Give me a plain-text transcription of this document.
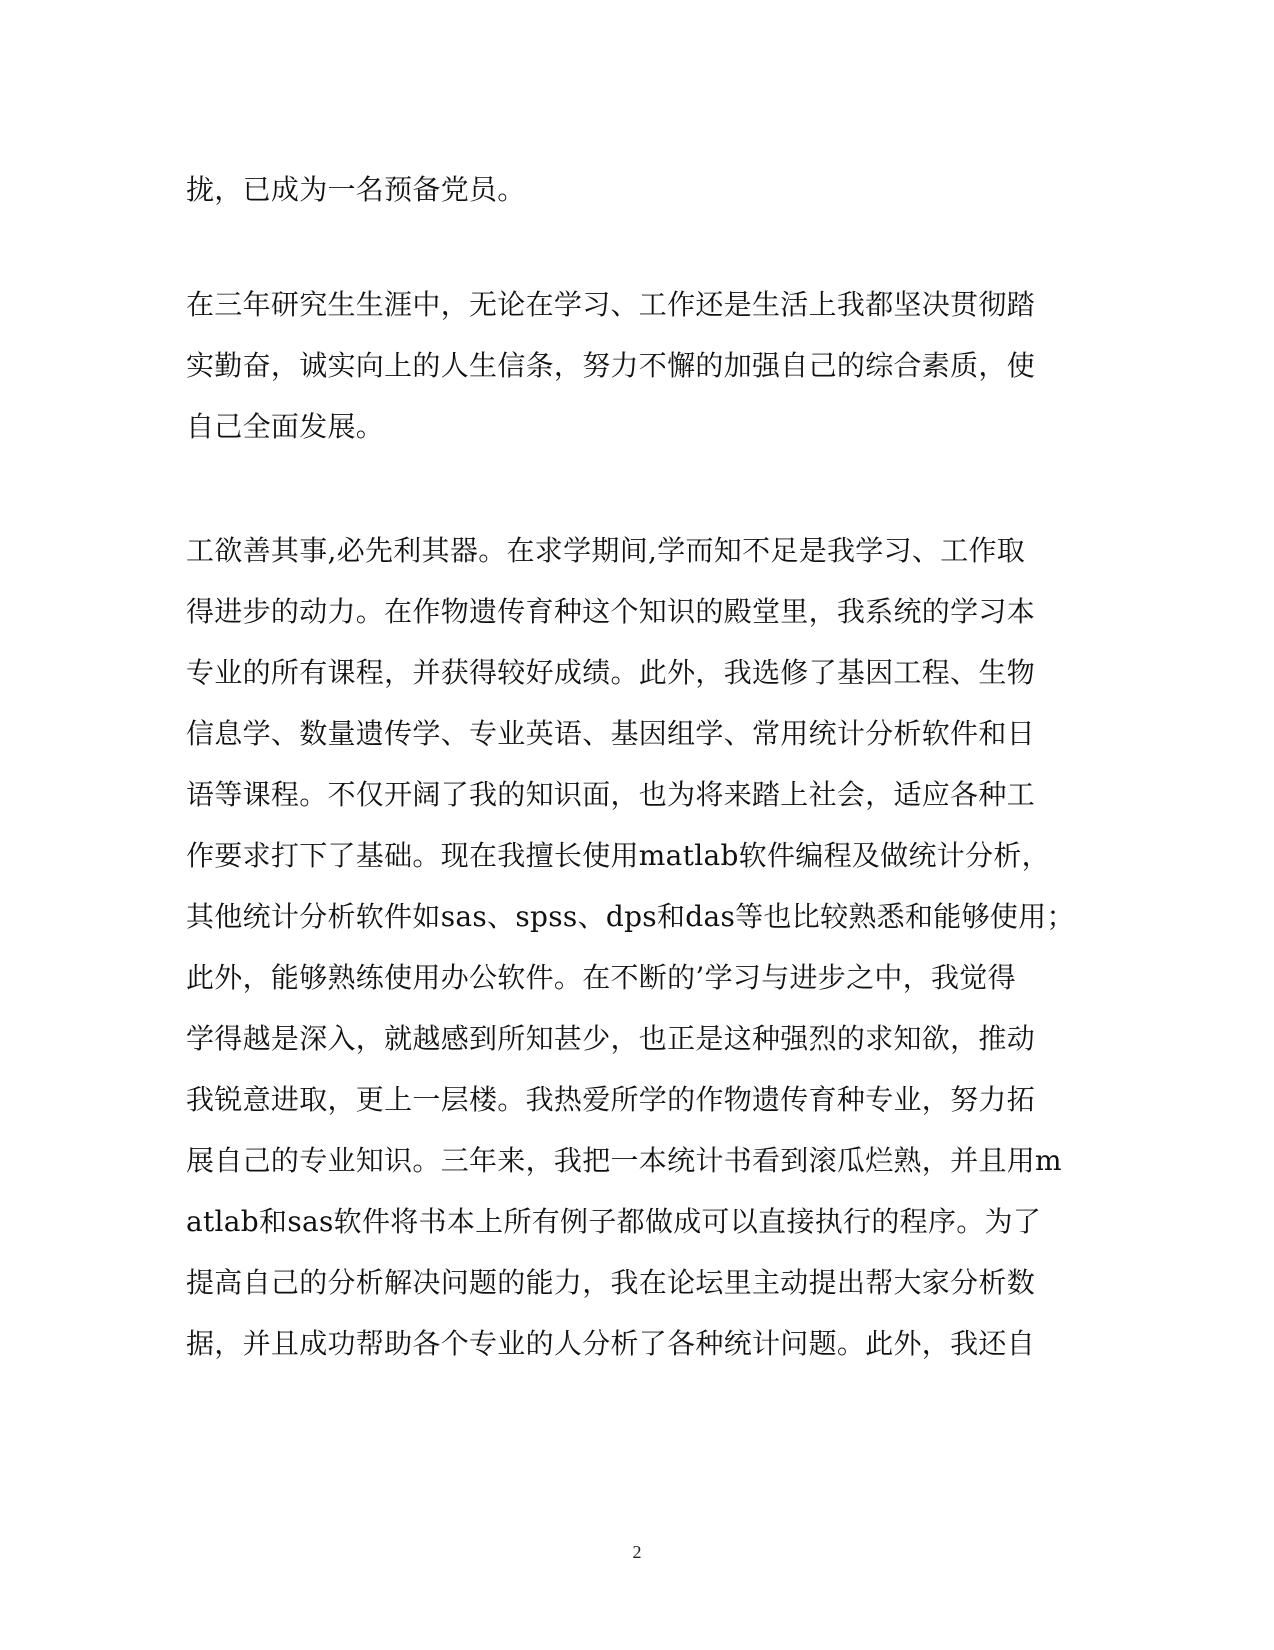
拢，已成为一名预备党员。
在三年研究生生涯中，无论在学习、工作还是生活上我都坚决贯彻踏
实勤奋，诚实向上的人生信条，努力不懈的加强自己的综合素质，使
自己全面发展。
工欲善其事,必先利其器。在求学期间,学而知不足是我学习、工作取
得进步的动力。在作物遗传育种这个知识的殿堂里，我系统的学习本
专业的所有课程，并获得较好成绩。此外，我选修了基因工程、生物
信息学、数量遗传学、专业英语、基因组学、常用统计分析软件和日
语等课程。不仅开阔了我的知识面，也为将来踏上社会，适应各种工
作要求打下了基础。现在我擅长使用matlab软件编程及做统计分析，
其他统计分析软件如sas、spss、dps和das等也比较熟悉和能够使用；
此外，能够熟练使用办公软件。在不断的’学习与进步之中，我觉得
学得越是深入，就越感到所知甚少，也正是这种强烈的求知欲，推动
我锐意进取，更上一层楼。我热爱所学的作物遗传育种专业，努力拓
展自己的专业知识。三年来，我把一本统计书看到滚瓜烂熟，并且用m
atlab和sas软件将书本上所有例子都做成可以直接执行的程序。为了
提高自己的分析解决问题的能力，我在论坛里主动提出帮大家分析数
据，并且成功帮助各个专业的人分析了各种统计问题。此外，我还自
2
